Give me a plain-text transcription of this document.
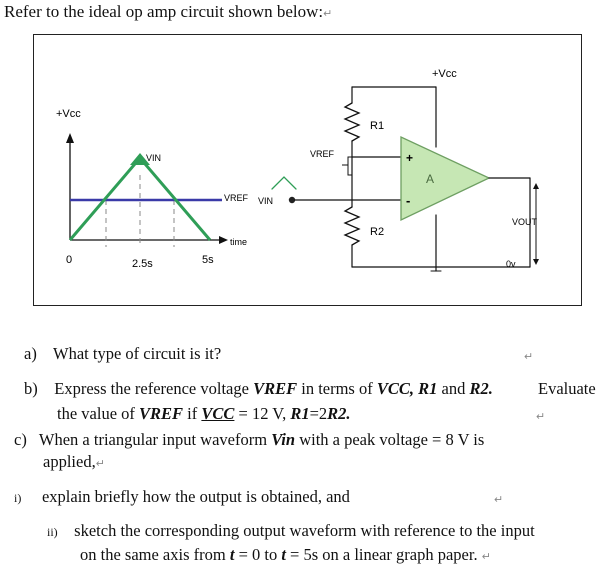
Refer to the ideal op amp circuit shown below:↵
+Vcc
VIN
VREF
time
0	2.5s	5s
+Vcc
R1
VREF
R2
VIN
+
-
A
VOUT
0v
a) What type of circuit is it?	↵
b) Express the reference voltage VREF in terms of VCC, R1 and R2.	Evaluate
the value of VREF if VCC = 12 V, R1=2R2.	↵
c) When a triangular input waveform Vin with a peak voltage = 8 V is
applied,↵
i) explain briefly how the output is obtained, and	↵
ii) sketch the corresponding output waveform with reference to the input
on the same axis from t = 0 to t = 5s on a linear graph paper. ↵
